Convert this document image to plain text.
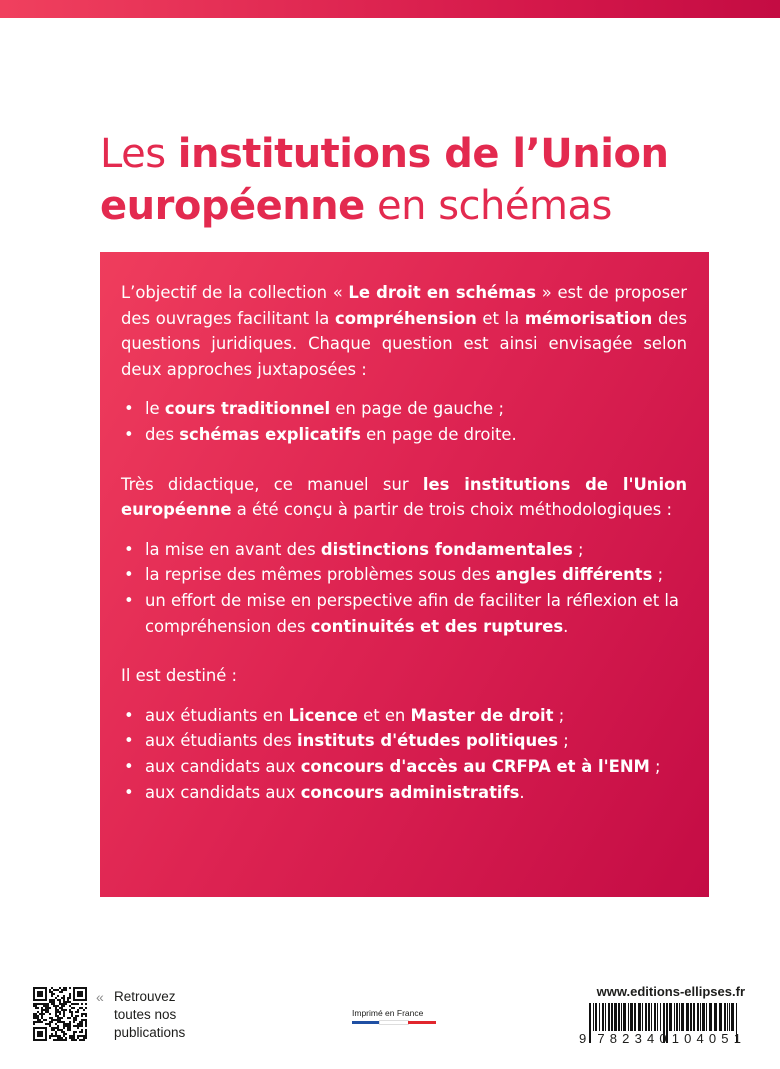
Les institutions de l’Union
européenne en schémas

L’objectif de la collection « Le droit en schémas » est de proposer des ouvrages facilitant la compréhension et la mémorisation des questions juridiques. Chaque question est ainsi envisagée selon deux approches juxtaposées :

• le cours traditionnel en page de gauche ;
• des schémas explicatifs en page de droite.

Très didactique, ce manuel sur les institutions de l'Union européenne a été conçu à partir de trois choix méthodologiques :

• la mise en avant des distinctions fondamentales ;
• la reprise des mêmes problèmes sous des angles différents ;
• un effort de mise en perspective afin de faciliter la réflexion et la compréhension des continuités et des ruptures.

Il est destiné :

• aux étudiants en Licence et en Master de droit ;
• aux étudiants des instituts d'études politiques ;
• aux candidats aux concours d'accès au CRFPA et à l'ENM ;
• aux candidats aux concours administratifs.
« Retrouvez
toutes nos
publications
Imprimé en France
www.editions-ellipses.fr
9 7 8 2 3 4 0 1 0 4 0 5 1
